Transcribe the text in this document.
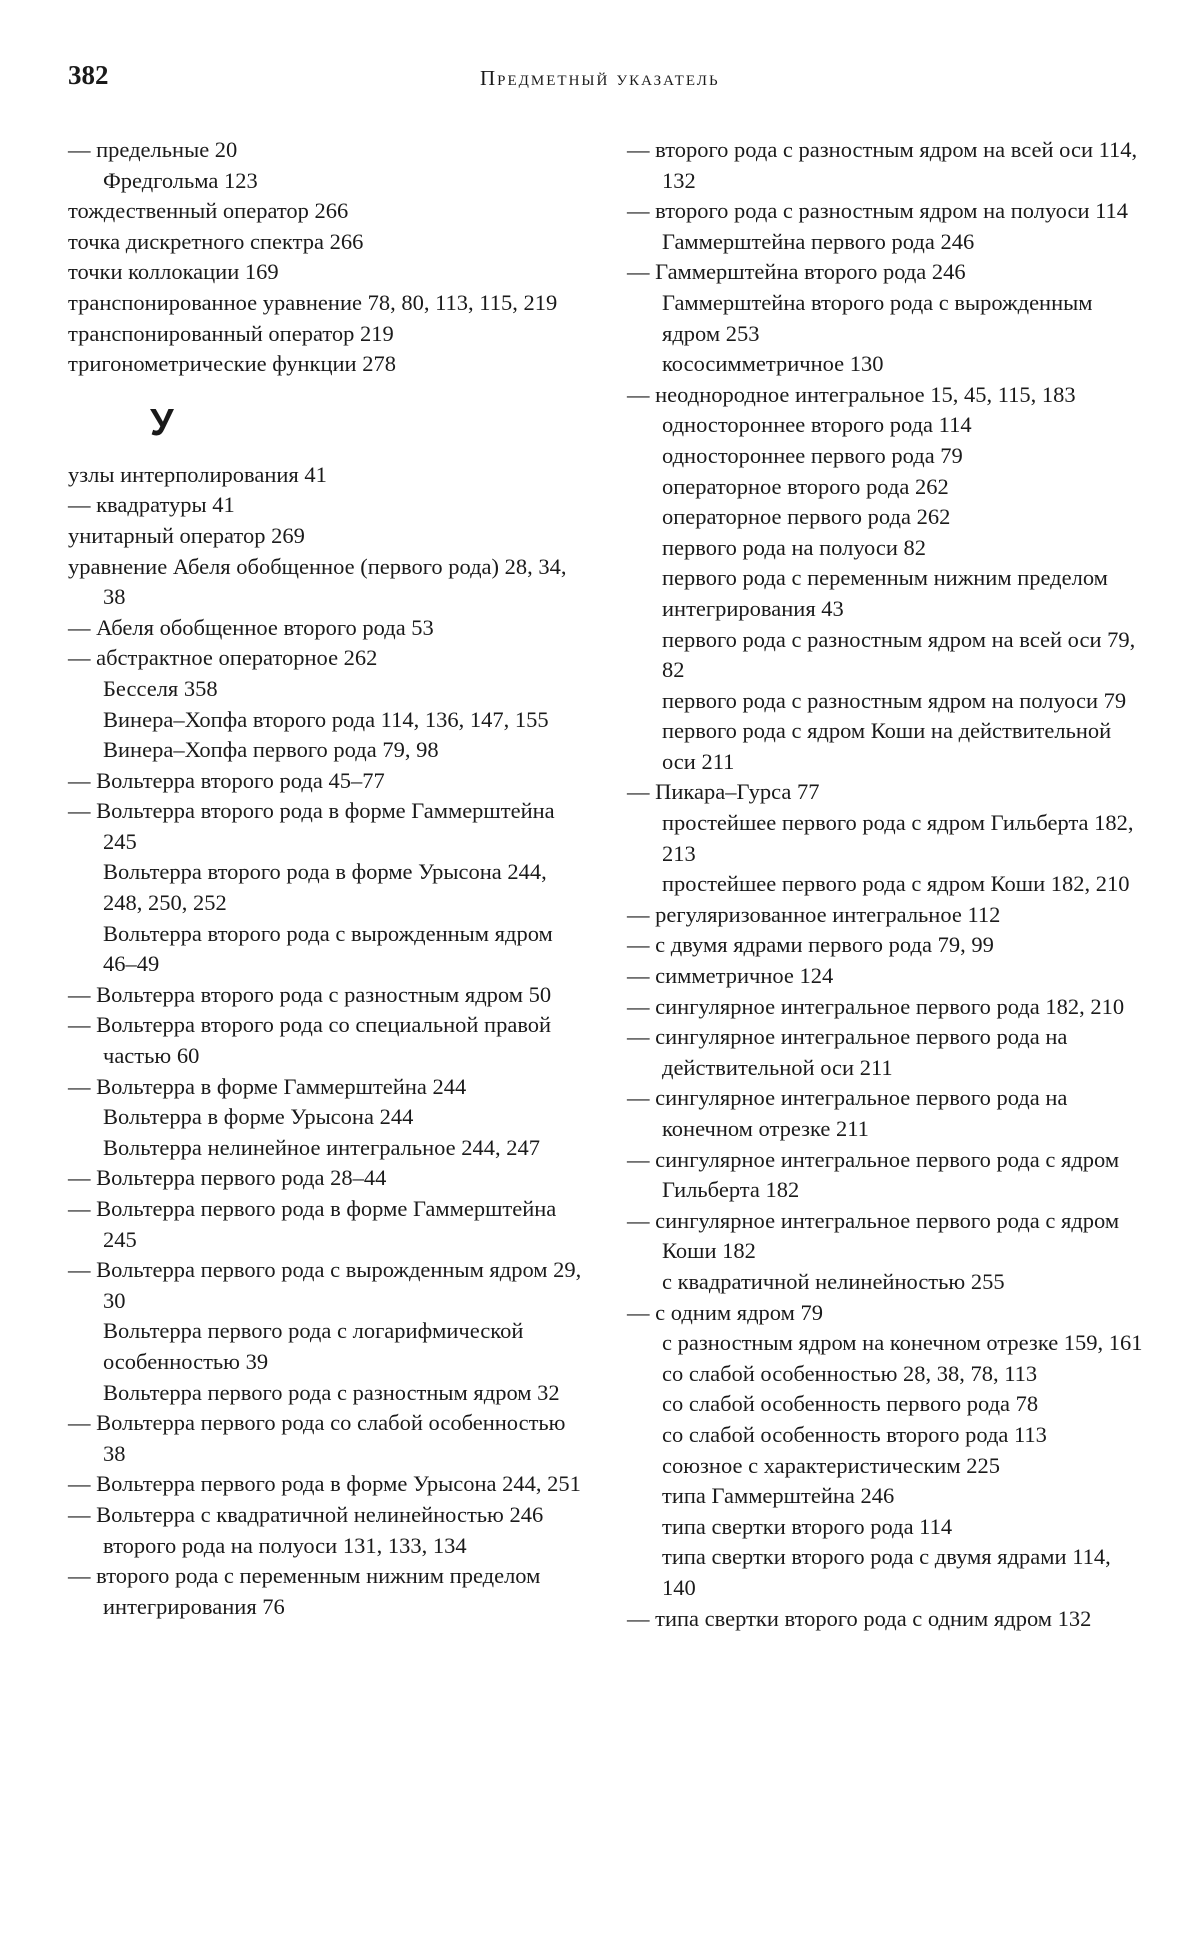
382	Предметный указатель
— предельные 20
Фредгольма 123
тождественный оператор 266
точка дискретного спектра 266
точки коллокации 169
транспонированное уравнение 78, 80, 113, 115, 219
транспонированный оператор 219
тригонометрические функции 278
У
узлы интерполирования 41
— квадратуры 41
унитарный оператор 269
уравнение Абеля обобщенное (первого рода) 28, 34, 38
— Абеля обобщенное второго рода 53
— абстрактное операторное 262
Бесселя 358
Винера–Хопфа второго рода 114, 136, 147, 155
Винера–Хопфа первого рода 79, 98
— Вольтерра второго рода 45–77
— Вольтерра второго рода в форме Гаммерштейна 245
Вольтерра второго рода в форме Урысона 244, 248, 250, 252
Вольтерра второго рода с вырожденным ядром 46–49
— Вольтерра второго рода с разностным ядром 50
— Вольтерра второго рода со специальной правой частью 60
— Вольтерра в форме Гаммерштейна 244
Вольтерра в форме Урысона 244
Вольтерра нелинейное интегральное 244, 247
— Вольтерра первого рода 28–44
— Вольтерра первого рода в форме Гаммерштейна 245
— Вольтерра первого рода с вырожденным ядром 29, 30
Вольтерра первого рода с логарифмической особенностью 39
Вольтерра первого рода с разностным ядром 32
— Вольтерра первого рода со слабой особенностью 38
— Вольтерра первого рода в форме Урысона 244, 251
— Вольтерра с квадратичной нелинейностью 246
второго рода на полуоси 131, 133, 134
— второго рода с переменным нижним пределом интегрирования 76
— второго рода с разностным ядром на всей оси 114, 132
— второго рода с разностным ядром на полуоси 114
Гаммерштейна первого рода 246
— Гаммерштейна второго рода 246
Гаммерштейна второго рода с вырожденным ядром 253
кососимметричное 130
— неоднородное интегральное 15, 45, 115, 183
одностороннее второго рода 114
одностороннее первого рода 79
операторное второго рода 262
операторное первого рода 262
первого рода на полуоси 82
первого рода с переменным нижним пределом интегрирования 43
первого рода с разностным ядром на всей оси 79, 82
первого рода с разностным ядром на полуоси 79
первого рода с ядром Коши на действительной оси 211
— Пикара–Гурса 77
простейшее первого рода с ядром Гильберта 182, 213
простейшее первого рода с ядром Коши 182, 210
— регуляризованное интегральное 112
— с двумя ядрами первого рода 79, 99
— симметричное 124
— сингулярное интегральное первого рода 182, 210
— сингулярное интегральное первого рода на действительной оси 211
— сингулярное интегральное первого рода на конечном отрезке 211
— сингулярное интегральное первого рода с ядром Гильберта 182
— сингулярное интегральное первого рода с ядром Коши 182
с квадратичной нелинейностью 255
— с одним ядром 79
с разностным ядром на конечном отрезке 159, 161
со слабой особенностью 28, 38, 78, 113
со слабой особенность первого рода 78
со слабой особенность второго рода 113
союзное с характеристическим 225
типа Гаммерштейна 246
типа свертки второго рода 114
типа свертки второго рода с двумя ядрами 114, 140
— типа свертки второго рода с одним ядром 132
